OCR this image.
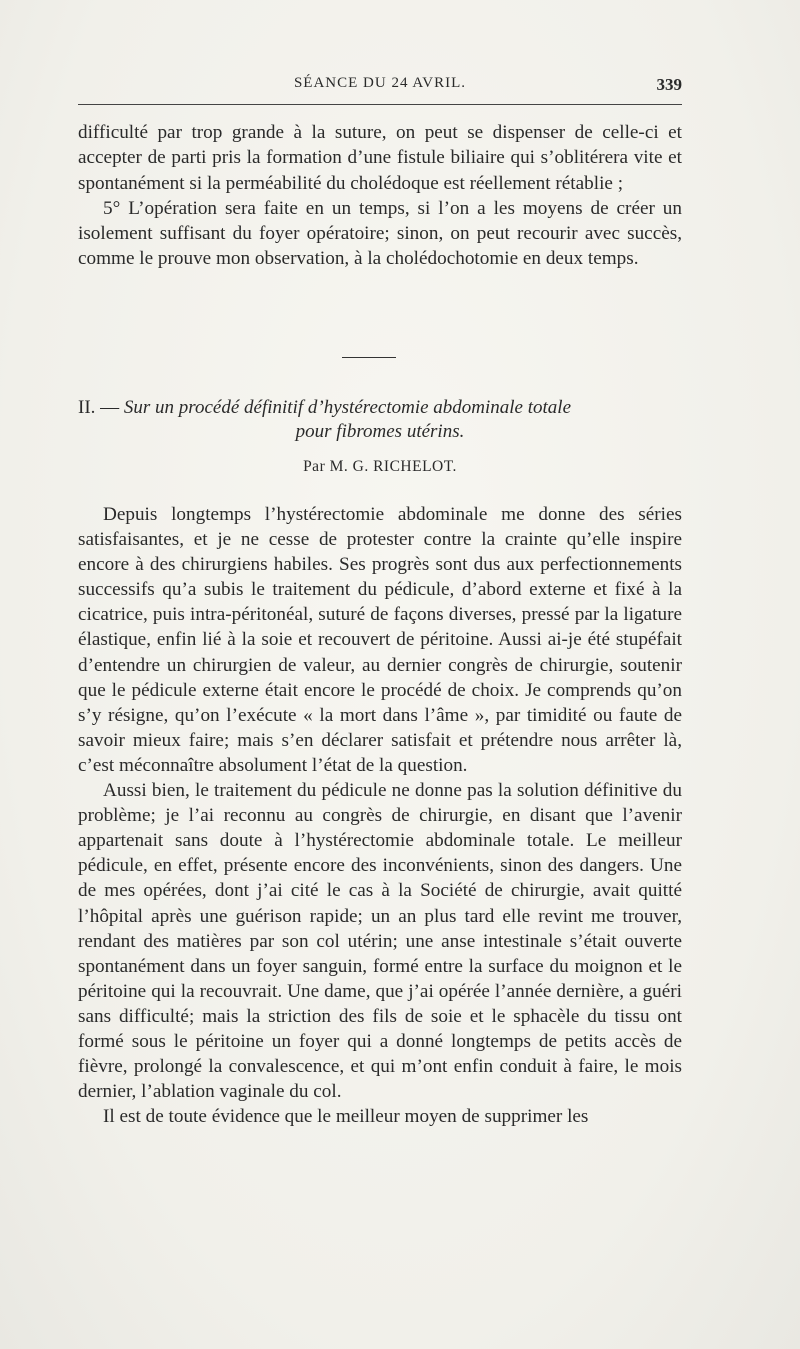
SÉANCE DU 24 AVRIL.	339

difficulté par trop grande à la suture, on peut se dispenser de celle-ci et accepter de parti pris la formation d’une fistule biliaire qui s’oblitérera vite et spontanément si la perméabilité du cholédoque est réellement rétablie ;

5° L’opération sera faite en un temps, si l’on a les moyens de créer un isolement suffisant du foyer opératoire; sinon, on peut recourir avec succès, comme le prouve mon observation, à la cholédochotomie en deux temps.

II. — Sur un procédé définitif d’hystérectomie abdominale totale
pour fibromes utérins.
Par M. G. RICHELOT.

Depuis longtemps l’hystérectomie abdominale me donne des séries satisfaisantes, et je ne cesse de protester contre la crainte qu’elle inspire encore à des chirurgiens habiles. Ses progrès sont dus aux perfectionnements successifs qu’a subis le traitement du pédicule, d’abord externe et fixé à la cicatrice, puis intra-péritonéal, suturé de façons diverses, pressé par la ligature élastique, enfin lié à la soie et recouvert de péritoine. Aussi ai-je été stupéfait d’entendre un chirurgien de valeur, au dernier congrès de chirurgie, soutenir que le pédicule externe était encore le procédé de choix. Je comprends qu’on s’y résigne, qu’on l’exécute « la mort dans l’âme », par timidité ou faute de savoir mieux faire; mais s’en déclarer satisfait et prétendre nous arrêter là, c’est méconnaître absolument l’état de la question.

Aussi bien, le traitement du pédicule ne donne pas la solution définitive du problème; je l’ai reconnu au congrès de chirurgie, en disant que l’avenir appartenait sans doute à l’hystérectomie abdominale totale. Le meilleur pédicule, en effet, présente encore des inconvénients, sinon des dangers. Une de mes opérées, dont j’ai cité le cas à la Société de chirurgie, avait quitté l’hôpital après une guérison rapide; un an plus tard elle revint me trouver, rendant des matières par son col utérin; une anse intestinale s’était ouverte spontanément dans un foyer sanguin, formé entre la surface du moignon et le péritoine qui la recouvrait. Une dame, que j’ai opérée l’année dernière, a guéri sans difficulté; mais la striction des fils de soie et le sphacèle du tissu ont formé sous le péritoine un foyer qui a donné longtemps de petits accès de fièvre, prolongé la convalescence, et qui m’ont enfin conduit à faire, le mois dernier, l’ablation vaginale du col.

Il est de toute évidence que le meilleur moyen de supprimer les
